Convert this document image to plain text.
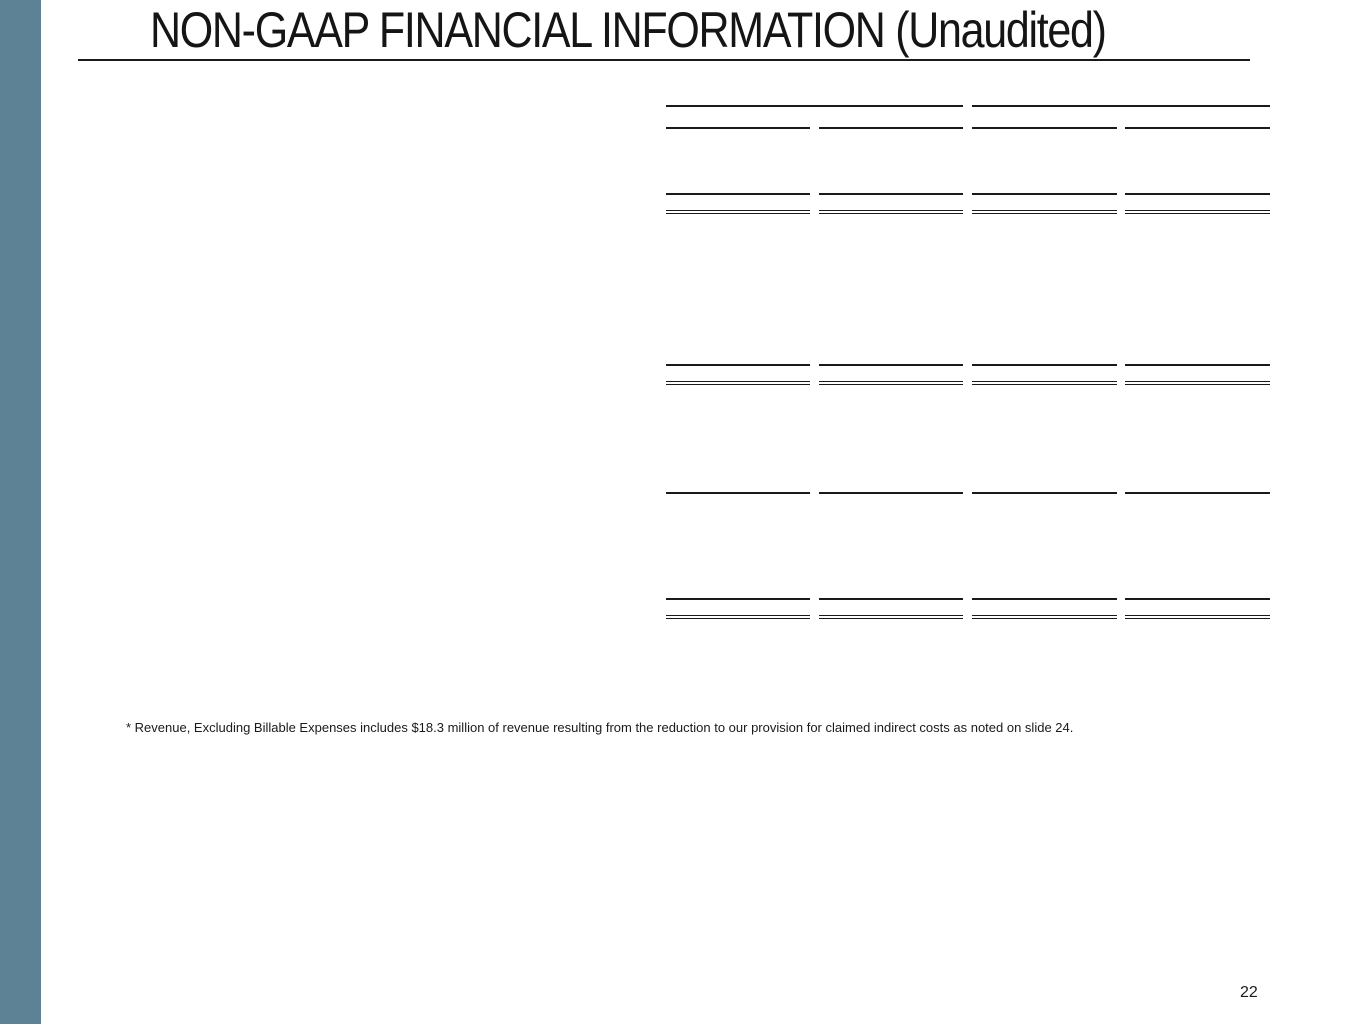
NON-GAAP FINANCIAL INFORMATION (Unaudited)
* Revenue, Excluding Billable Expenses includes $18.3 million of revenue resulting from the reduction to our provision for claimed indirect costs as noted on slide 24.
22
